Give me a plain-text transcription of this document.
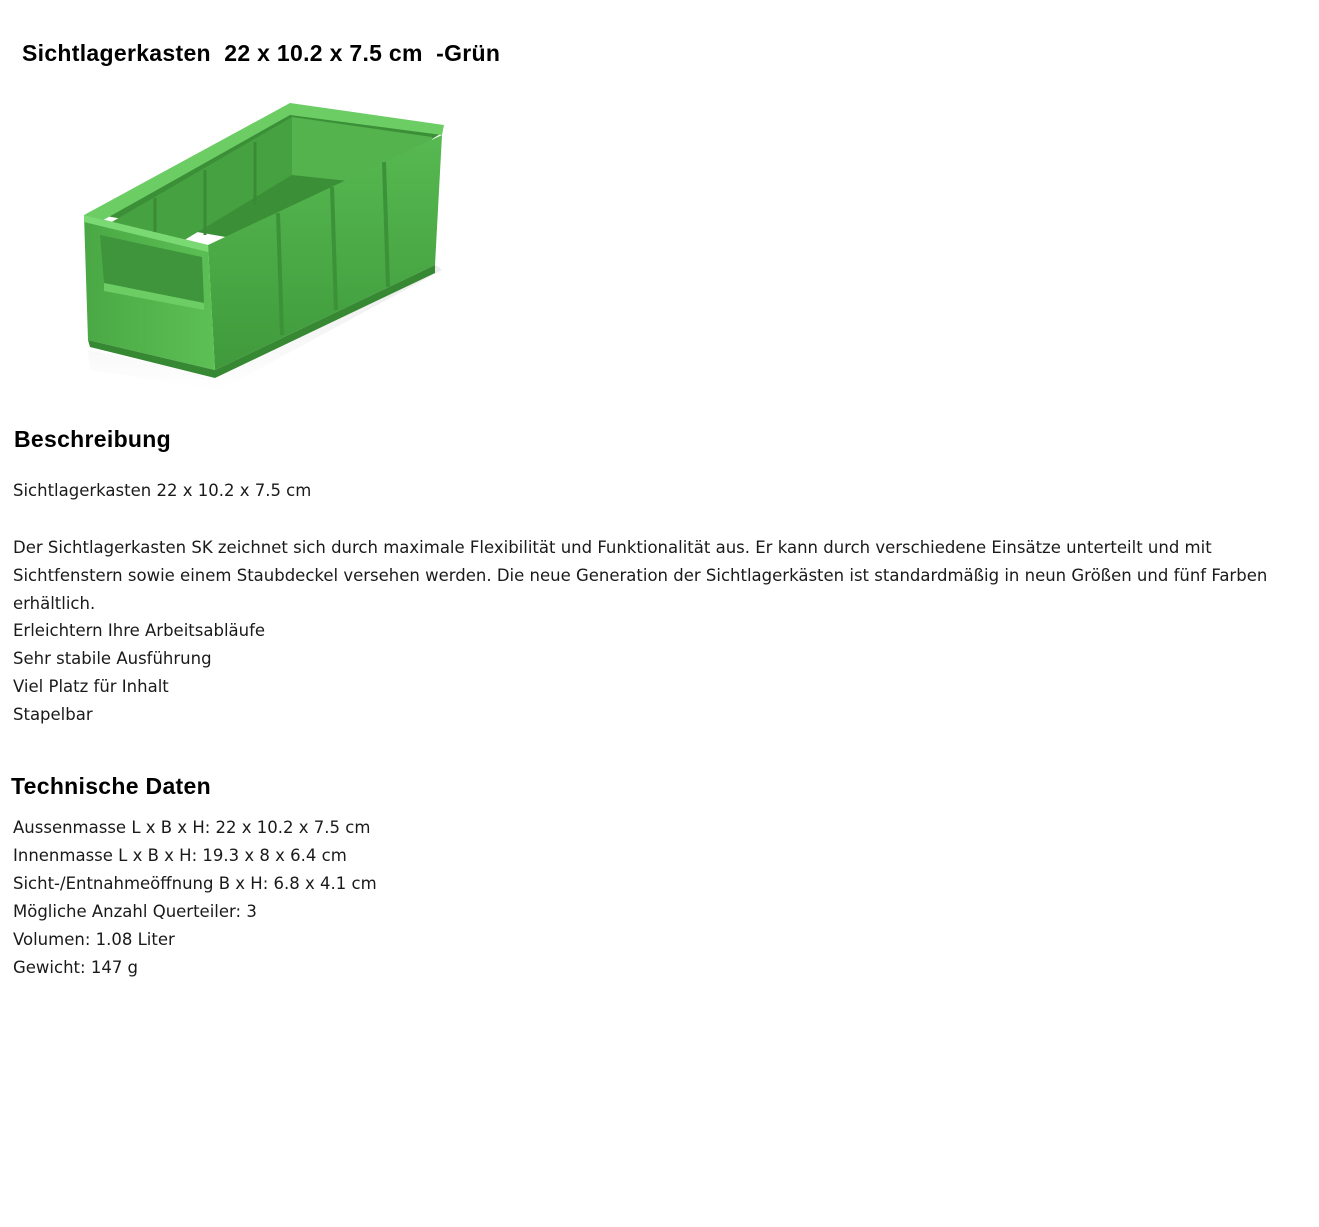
Sichtlagerkasten  22 x 10.2 x 7.5 cm  -Grün
Beschreibung
Sichtlagerkasten 22 x 10.2 x 7.5 cm
Der Sichtlagerkasten SK zeichnet sich durch maximale Flexibilität und Funktionalität aus. Er kann durch verschiedene Einsätze unterteilt und mit Sichtfenstern sowie einem Staubdeckel versehen werden. Die neue Generation der Sichtlagerkästen ist standardmäßig in neun Größen und fünf Farben erhältlich.
Erleichtern Ihre Arbeitsabläufe
Sehr stabile Ausführung
Viel Platz für Inhalt
Stapelbar
Technische Daten
Aussenmasse L x B x H: 22 x 10.2 x 7.5 cm
Innenmasse L x B x H: 19.3 x 8 x 6.4 cm
Sicht-/Entnahmeöffnung B x H: 6.8 x 4.1 cm
Mögliche Anzahl Querteiler: 3
Volumen: 1.08 Liter
Gewicht: 147 g
